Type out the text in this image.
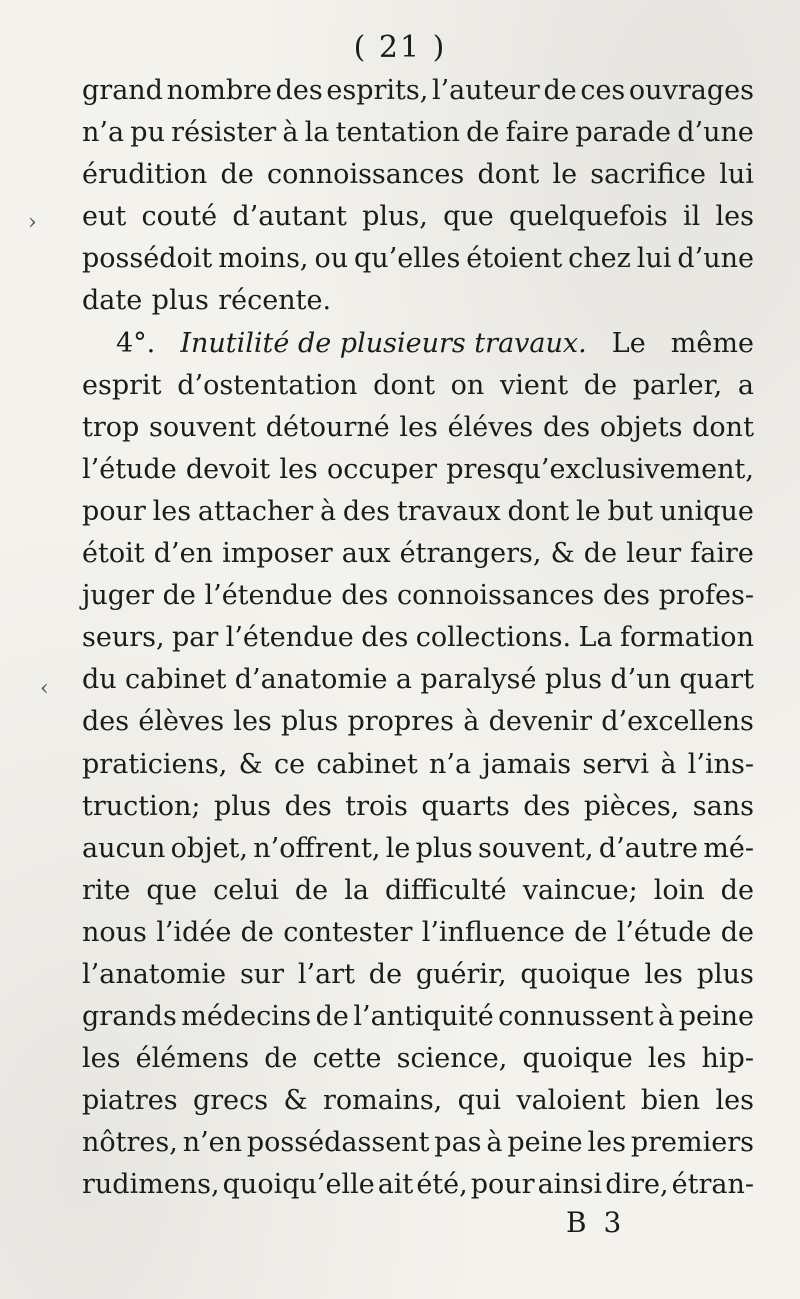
( 21 )
grand nombre des esprits, l’auteur de ces ouvrages
n’a pu résister à la tentation de faire parade d’une
érudition de connoissances dont le sacrifice lui
eut couté d’autant plus, que quelquefois il les
possédoit moins, ou qu’elles étoient chez lui d’une
date plus récente.
4°. Inutilité de plusieurs travaux. Le même
esprit d’ostentation dont on vient de parler, a
trop souvent détourné les éléves des objets dont
l’étude devoit les occuper presqu’exclusivement,
pour les attacher à des travaux dont le but unique
étoit d’en imposer aux étrangers, & de leur faire
juger de l’étendue des connoissances des profes-
seurs, par l’étendue des collections. La formation
du cabinet d’anatomie a paralysé plus d’un quart
des élèves les plus propres à devenir d’excellens
praticiens, & ce cabinet n’a jamais servi à l’ins-
truction; plus des trois quarts des pièces, sans
aucun objet, n’offrent, le plus souvent, d’autre mé-
rite que celui de la difficulté vaincue; loin de
nous l’idée de contester l’influence de l’étude de
l’anatomie sur l’art de guérir, quoique les plus
grands médecins de l’antiquité connussent à peine
les élémens de cette science, quoique les hip-
piatres grecs & romains, qui valoient bien les
nôtres, n’en possédassent pas à peine les premiers
rudimens, quoiqu’elle ait été, pour ainsi dire, étran-
B 3
›
‹
